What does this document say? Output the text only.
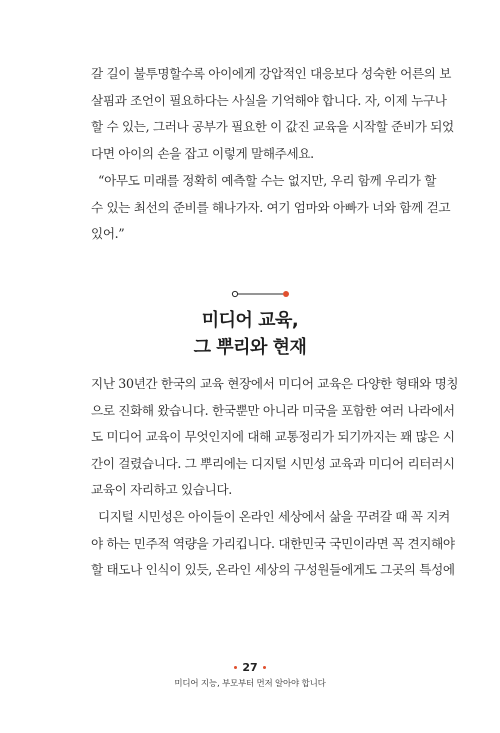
갈 길이 불투명할수록 아이에게 강압적인 대응보다 성숙한 어른의 보
살핌과 조언이 필요하다는 사실을 기억해야 합니다. 자, 이제 누구나
할 수 있는, 그러나 공부가 필요한 이 값진 교육을 시작할 준비가 되었
다면 아이의 손을 잡고 이렇게 말해주세요.
“아무도 미래를 정확히 예측할 수는 없지만, 우리 함께 우리가 할
수 있는 최선의 준비를 해나가자. 여기 엄마와 아빠가 너와 함께 걷고
있어.”
미디어 교육,
그 뿌리와 현재
지난 30년간 한국의 교육 현장에서 미디어 교육은 다양한 형태와 명칭
으로 진화해 왔습니다. 한국뿐만 아니라 미국을 포함한 여러 나라에서
도 미디어 교육이 무엇인지에 대해 교통정리가 되기까지는 꽤 많은 시
간이 걸렸습니다. 그 뿌리에는 디지털 시민성 교육과 미디어 리터러시
교육이 자리하고 있습니다.
디지털 시민성은 아이들이 온라인 세상에서 삶을 꾸려갈 때 꼭 지켜
야 하는 민주적 역량을 가리킵니다. 대한민국 국민이라면 꼭 견지해야
할 태도나 인식이 있듯, 온라인 세상의 구성원들에게도 그곳의 특성에
27
미디어 지능, 부모부터 먼저 알아야 합니다
